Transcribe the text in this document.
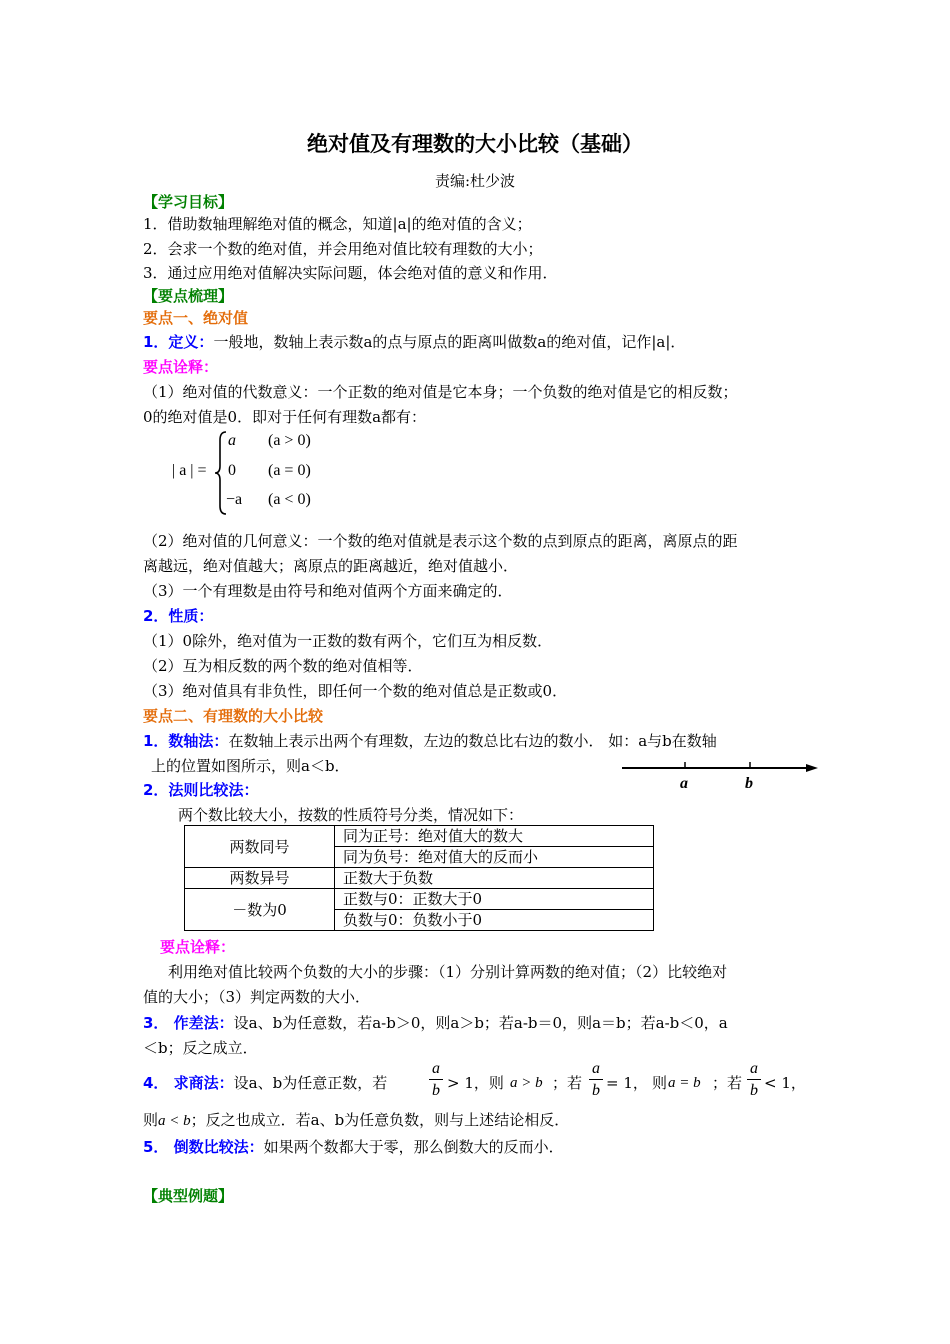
绝对值及有理数的大小比较（基础）
责编:杜少波
【学习目标】
1．借助数轴理解绝对值的概念，知道|a|的绝对值的含义；
2．会求一个数的绝对值，并会用绝对值比较有理数的大小；
3．通过应用绝对值解决实际问题，体会绝对值的意义和作用．
【要点梳理】
要点一、绝对值
1．定义：一般地，数轴上表示数a的点与原点的距离叫做数a的绝对值，记作|a|．
要点诠释：
（1）绝对值的代数意义：一个正数的绝对值是它本身；一个负数的绝对值是它的相反数；
0的绝对值是0．即对于任何有理数a都有：
| a | =
a (a > 0)
0 (a = 0)
−a (a < 0)
（2）绝对值的几何意义：一个数的绝对值就是表示这个数的点到原点的距离，离原点的距
离越远，绝对值越大；离原点的距离越近，绝对值越小．
（3）一个有理数是由符号和绝对值两个方面来确定的．
2．性质：
（1）0除外，绝对值为一正数的数有两个，它们互为相反数．
（2）互为相反数的两个数的绝对值相等．
（3）绝对值具有非负性，即任何一个数的绝对值总是正数或0．
要点二、有理数的大小比较
1．数轴法：在数轴上表示出两个有理数，左边的数总比右边的数小． 如：a与b在数轴
上的位置如图所示，则a＜b．
a	b
2．法则比较法：
两个数比较大小，按数的性质符号分类，情况如下：
两数同号	同为正号：绝对值大的数大
	同为负号：绝对值大的反而小
两数异号	正数大于负数
－数为0	正数与0：正数大于0
	负数与0：负数小于0
要点诠释：
利用绝对值比较两个负数的大小的步骤：（1）分别计算两数的绝对值；（2）比较绝对
值的大小；（3）判定两数的大小．
3． 作差法：设a、b为任意数，若a-b＞0，则a＞b；若a-b＝0，则a＝b；若a-b＜0，a
＜b；反之成立．
4． 求商法：设a、b为任意正数，若
a
b > 1，则 a > b ；若
a
b = 1， 则 a = b ；若
a
b < 1，
则a < b；反之也成立．若a、b为任意负数，则与上述结论相反．
5． 倒数比较法：如果两个数都大于零，那么倒数大的反而小．
【典型例题】
